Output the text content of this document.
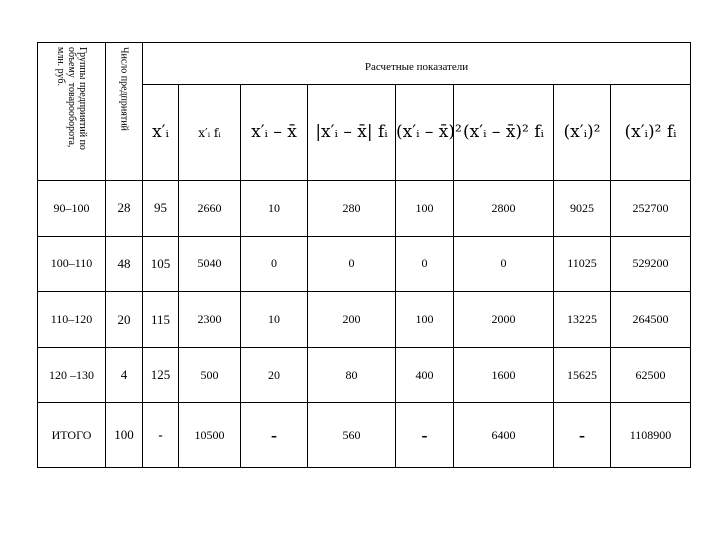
Группы предприятий по
объему  товарооборота,
млн. руб.	Число предприятий	Расчетные показатели							

		x′ᵢ	x′ᵢ fᵢ	x′ᵢ – x̄	|x′ᵢ – x̄| fᵢ	(x′ᵢ – x̄)²	(x′ᵢ – x̄)² fᵢ	(x′ᵢ)²	(x′ᵢ)² fᵢ
90–100	28	95	2660	10	280	100	2800	9025	252700
100–110	48	105	5040	0	0	0	0	11025	529200
110–120	20	115	2300	10	200	100	2000	13225	264500
120 –130	4	125	500	20	80	400	1600	15625	62500
ИТОГО	100	-	10500	-	560	-	6400	-	1108900
